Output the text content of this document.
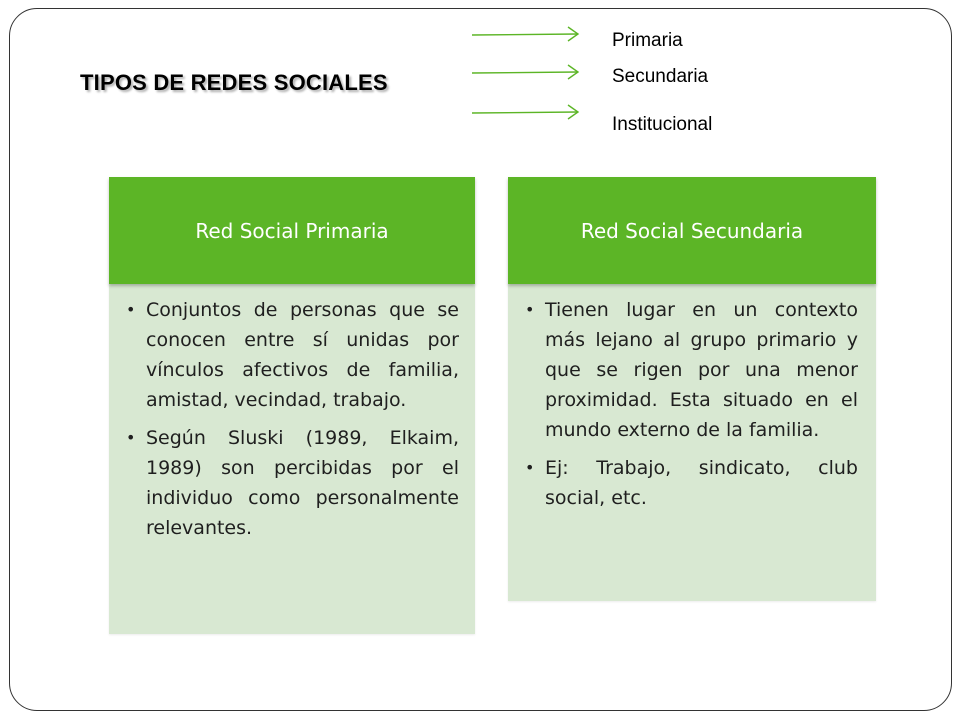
TIPOS DE REDES SOCIALES
Primaria
Secundaria
Institucional
• Conjuntos de personas que se conocen entre sí unidas por vínculos afectivos de familia, amistad, vecindad, trabajo.
• Según Sluski (1989, Elkaim, 1989) son percibidas por el individuo como personalmente relevantes.
Red Social Primaria
• Tienen lugar en un contexto más lejano al grupo primario y que se rigen por una menor proximidad. Esta situado en el mundo externo de la familia.
• Ej: Trabajo, sindicato, club social, etc.
Red Social Secundaria
